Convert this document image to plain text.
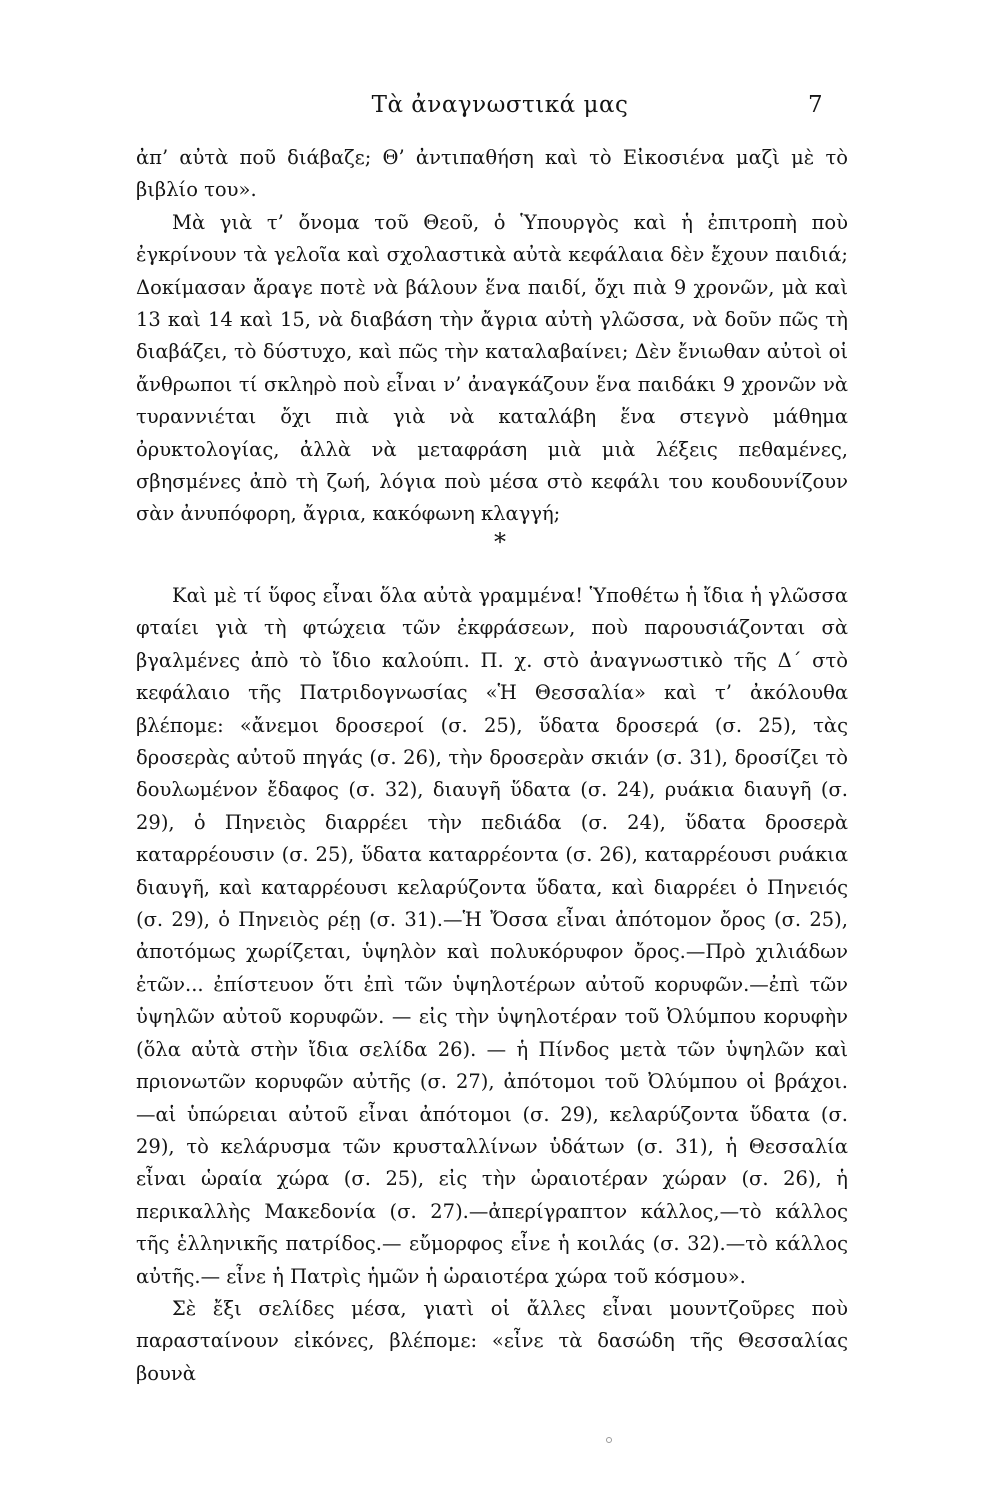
Τὰ ἀναγνωστικά μας	7

ἀπ’ αὐτὰ ποῦ διάβαζε; Θ’ ἀντιπαθήση καὶ τὸ Εἰκοσιένα μαζὶ μὲ τὸ βιβλίο του».

Μὰ γιὰ τ’ ὄνομα τοῦ Θεοῦ, ὁ Ὑπουργὸς καὶ ἡ ἐπιτροπὴ ποὺ ἐγκρίνουν τὰ γελοῖα καὶ σχολαστικὰ αὐτὰ κεφάλαια δὲν ἔχουν παιδιά; Δοκίμασαν ἄραγε ποτὲ νὰ βάλουν ἕνα παιδί, ὄχι πιὰ 9 χρονῶν, μὰ καὶ 13 καὶ 14 καὶ 15, νὰ διαβάση τὴν ἄγρια αὐτὴ γλῶσσα, νὰ δοῦν πῶς τὴ διαβάζει, τὸ δύστυχο, καὶ πῶς τὴν καταλαβαίνει; Δὲν ἔνιωθαν αὐτοὶ οἱ ἄνθρωποι τί σκληρὸ ποὺ εἶναι ν’ ἀναγκάζουν ἕνα παιδάκι 9 χρονῶν νὰ τυραννιέται ὄχι πιὰ γιὰ νὰ καταλάβη ἕνα στεγνὸ μάθημα ὀρυκτολογίας, ἀλλὰ νὰ μεταφράση μιὰ μιὰ λέξεις πεθαμένες, σβησμένες ἀπὸ τὴ ζωή, λόγια ποὺ μέσα στὸ κεφάλι του κουδουνίζουν σὰν ἀνυπόφορη, ἄγρια, κακόφωνη κλαγγή;

*

Καὶ μὲ τί ὕφος εἶναι ὅλα αὐτὰ γραμμένα! Ὑποθέτω ἡ ἴδια ἡ γλῶσσα φταίει γιὰ τὴ φτώχεια τῶν ἐκφράσεων, ποὺ παρουσιάζονται σὰ βγαλμένες ἀπὸ τὸ ἴδιο καλούπι. Π. χ. στὸ ἀναγνωστικὸ τῆς Δ΄ στὸ κεφάλαιο τῆς Πατριδογνωσίας «Ἡ Θεσσαλία» καὶ τ’ ἀκόλουθα βλέπομε: «ἄνεμοι δροσεροί (σ. 25), ὕδατα δροσερά (σ. 25), τὰς δροσερὰς αὐτοῦ πηγάς (σ. 26), τὴν δροσερὰν σκιάν (σ. 31), δροσίζει τὸ δουλωμένον ἔδαφος (σ. 32), διαυγῆ ὕδατα (σ. 24), ρυάκια διαυγῆ (σ. 29), ὁ Πηνειὸς διαρρέει τὴν πεδιάδα (σ. 24), ὕδατα δροσερὰ καταρρέουσιν (σ. 25), ὕδατα καταρρέοντα (σ. 26), καταρρέουσι ρυάκια διαυγῆ, καὶ καταρρέουσι κελαρύζοντα ὕδατα, καὶ διαρρέει ὁ Πηνειός (σ. 29), ὁ Πηνειὸς ρέῃ (σ. 31).—Ἡ Ὄσσα εἶναι ἀπότομον ὄρος (σ. 25), ἀποτόμως χωρίζεται, ὑψηλὸν καὶ πολυκόρυφον ὄρος.—Πρὸ χιλιάδων ἐτῶν... ἐπίστευον ὅτι ἐπὶ τῶν ὑψηλοτέρων αὐτοῦ κορυφῶν.—ἐπὶ τῶν ὑψηλῶν αὐτοῦ κορυφῶν. — εἰς τὴν ὑψηλοτέραν τοῦ Ὀλύμπου κορυφὴν (ὅλα αὐτὰ στὴν ἴδια σελίδα 26). — ἡ Πίνδος μετὰ τῶν ὑψηλῶν καὶ πριονωτῶν κορυφῶν αὐτῆς (σ. 27), ἀπότομοι τοῦ Ὀλύμπου οἱ βράχοι. —αἱ ὑπώρειαι αὐτοῦ εἶναι ἀπότομοι (σ. 29), κελαρύζοντα ὕδατα (σ. 29), τὸ κελάρυσμα τῶν κρυσταλλίνων ὑδάτων (σ. 31), ἡ Θεσσαλία εἶναι ὡραία χώρα (σ. 25), εἰς τὴν ὡραιοτέραν χώραν (σ. 26), ἡ περικαλλὴς Μακεδονία (σ. 27).—ἀπερίγραπτον κάλλος,—τὸ κάλλος τῆς ἑλληνικῆς πατρίδος.— εὔμορφος εἶνε ἡ κοιλάς (σ. 32).—τὸ κάλλος αὐτῆς.— εἶνε ἡ Πατρὶς ἡμῶν ἡ ὡραιοτέρα χώρα τοῦ κόσμου».

Σὲ ἔξι σελίδες μέσα, γιατὶ οἱ ἄλλες εἶναι μουντζοῦρες ποὺ παρασταίνουν εἰκόνες, βλέπομε: «εἶνε τὰ δασώδη τῆς Θεσσαλίας βουνὰ
